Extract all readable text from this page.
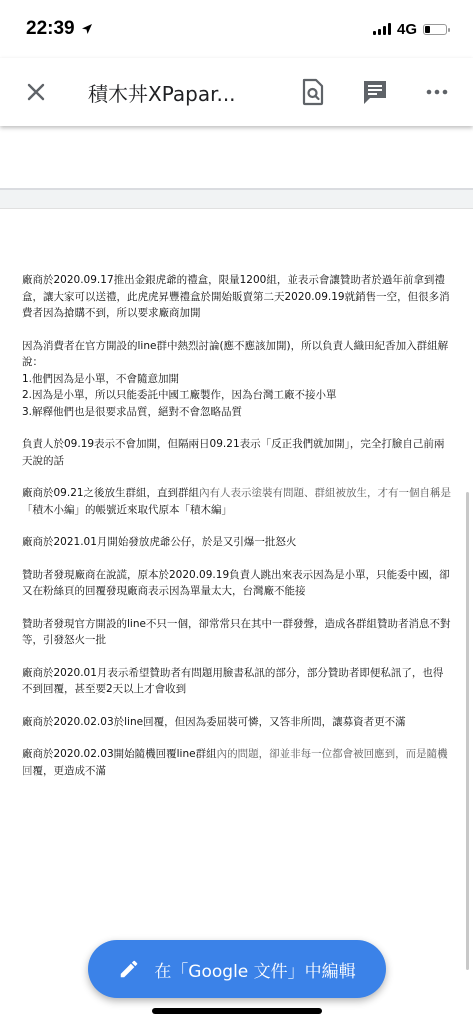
22:39	4G
積木丼XPapar...

廠商於2020.09.17推出金銀虎爺的禮盒，限量1200組，並表示會讓贊助者於過年前拿到禮盒，讓大家可以送禮，此虎虎昇豐禮盒於開始販賣第二天2020.09.19就銷售一空，但很多消費者因為搶購不到，所以要求廠商加開

因為消費者在官方開設的line群中熱烈討論(應不應該加開)，所以負責人織田紀香加入群組解說：
1.他們因為是小單，不會隨意加開
2.因為是小單，所以只能委託中國工廠製作，因為台灣工廠不接小單
3.解釋他們也是很要求品質，絕對不會忽略品質

負責人於09.19表示不會加開，但隔兩日09.21表示「反正我們就加開」，完全打臉自己前兩天說的話

廠商於09.21之後放生群組，直到群組內有人表示塗裝有問題、群組被放生，才有一個自稱是「積木小編」的帳號近來取代原本「積木編」

廠商於2021.01月開始發放虎爺公仔，於是又引爆一批怒火

贊助者發現廠商在說謊，原本於2020.09.19負責人跳出來表示因為是小單，只能委中國，卻又在粉絲頁的回覆發現廠商表示因為單量太大，台灣廠不能接

贊助者發現官方開設的line不只一個，卻常常只在其中一群發聲，造成各群組贊助者消息不對等，引發怒火一批

廠商於2020.01月表示希望贊助者有問題用臉書私訊的部分，部分贊助者即便私訊了，也得不到回覆，甚至要2天以上才會收到

廠商於2020.02.03於line回覆，但因為委屈裝可憐，又答非所問，讓募資者更不滿

廠商於2020.02.03開始隨機回覆line群組內的問題，卻並非每一位都會被回應到，而是隨機回覆，更造成不滿

在「Google 文件」中編輯
